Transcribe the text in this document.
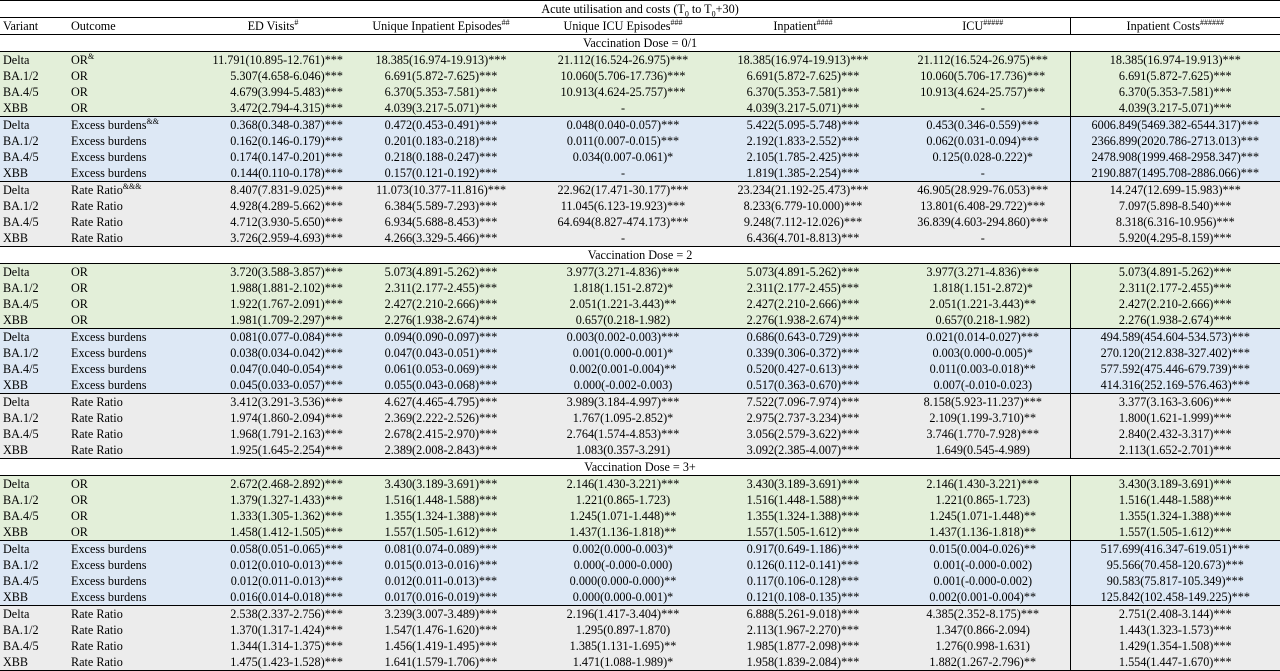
Acute utilisation and costs ($T_0$ to $T_0+30$)							
Variant	Outcome	ED Visits#	Unique Inpatient Episodes##	Unique ICU Episodes###	Inpatient####	ICU#####	Inpatient Costs######
Vaccination Dose = 0/1							
Delta	OR&	11.791(10.895-12.761)***	18.385(16.974-19.913)***	21.112(16.524-26.975)***	18.385(16.974-19.913)***	21.112(16.524-26.975)***	18.385(16.974-19.913)***
BA.1/2	OR	5.307(4.658-6.046)***	6.691(5.872-7.625)***	10.060(5.706-17.736)***	6.691(5.872-7.625)***	10.060(5.706-17.736)***	6.691(5.872-7.625)***
BA.4/5	OR	4.679(3.994-5.483)***	6.370(5.353-7.581)***	10.913(4.624-25.757)***	6.370(5.353-7.581)***	10.913(4.624-25.757)***	6.370(5.353-7.581)***
XBB	OR	3.472(2.794-4.315)***	4.039(3.217-5.071)***	-	4.039(3.217-5.071)***	-	4.039(3.217-5.071)***
Delta	Excess burdens&&	0.368(0.348-0.387)***	0.472(0.453-0.491)***	0.048(0.040-0.057)***	5.422(5.095-5.748)***	0.453(0.346-0.559)***	6006.849(5469.382-6544.317)***
BA.1/2	Excess burdens	0.162(0.146-0.179)***	0.201(0.183-0.218)***	0.011(0.007-0.015)***	2.192(1.833-2.552)***	0.062(0.031-0.094)***	2366.899(2020.786-2713.013)***
BA.4/5	Excess burdens	0.174(0.147-0.201)***	0.218(0.188-0.247)***	0.034(0.007-0.061)*	2.105(1.785-2.425)***	0.125(0.028-0.222)*	2478.908(1999.468-2958.347)***
XBB	Excess burdens	0.144(0.110-0.178)***	0.157(0.121-0.192)***	-	1.819(1.385-2.254)***	-	2190.887(1495.708-2886.066)***
Delta	Rate Ratio&&&	8.407(7.831-9.025)***	11.073(10.377-11.816)***	22.962(17.471-30.177)***	23.234(21.192-25.473)***	46.905(28.929-76.053)***	14.247(12.699-15.983)***
BA.1/2	Rate Ratio	4.928(4.289-5.662)***	6.384(5.589-7.293)***	11.045(6.123-19.923)***	8.233(6.779-10.000)***	13.801(6.408-29.722)***	7.097(5.898-8.540)***
BA.4/5	Rate Ratio	4.712(3.930-5.650)***	6.934(5.688-8.453)***	64.694(8.827-474.173)***	9.248(7.112-12.026)***	36.839(4.603-294.860)***	8.318(6.316-10.956)***
XBB	Rate Ratio	3.726(2.959-4.693)***	4.266(3.329-5.466)***	-	6.436(4.701-8.813)***	-	5.920(4.295-8.159)***
Vaccination Dose = 2							
Delta	OR	3.720(3.588-3.857)***	5.073(4.891-5.262)***	3.977(3.271-4.836)***	5.073(4.891-5.262)***	3.977(3.271-4.836)***	5.073(4.891-5.262)***
BA.1/2	OR	1.988(1.881-2.102)***	2.311(2.177-2.455)***	1.818(1.151-2.872)*	2.311(2.177-2.455)***	1.818(1.151-2.872)*	2.311(2.177-2.455)***
BA.4/5	OR	1.922(1.767-2.091)***	2.427(2.210-2.666)***	2.051(1.221-3.443)**	2.427(2.210-2.666)***	2.051(1.221-3.443)**	2.427(2.210-2.666)***
XBB	OR	1.981(1.709-2.297)***	2.276(1.938-2.674)***	0.657(0.218-1.982)	2.276(1.938-2.674)***	0.657(0.218-1.982)	2.276(1.938-2.674)***
Delta	Excess burdens	0.081(0.077-0.084)***	0.094(0.090-0.097)***	0.003(0.002-0.003)***	0.686(0.643-0.729)***	0.021(0.014-0.027)***	494.589(454.604-534.573)***
BA.1/2	Excess burdens	0.038(0.034-0.042)***	0.047(0.043-0.051)***	0.001(0.000-0.001)*	0.339(0.306-0.372)***	0.003(0.000-0.005)*	270.120(212.838-327.402)***
BA.4/5	Excess burdens	0.047(0.040-0.054)***	0.061(0.053-0.069)***	0.002(0.001-0.004)**	0.520(0.427-0.613)***	0.011(0.003-0.018)**	577.592(475.446-679.739)***
XBB	Excess burdens	0.045(0.033-0.057)***	0.055(0.043-0.068)***	0.000(-0.002-0.003)	0.517(0.363-0.670)***	0.007(-0.010-0.023)	414.316(252.169-576.463)***
Delta	Rate Ratio	3.412(3.291-3.536)***	4.627(4.465-4.795)***	3.989(3.184-4.997)***	7.522(7.096-7.974)***	8.158(5.923-11.237)***	3.377(3.163-3.606)***
BA.1/2	Rate Ratio	1.974(1.860-2.094)***	2.369(2.222-2.526)***	1.767(1.095-2.852)*	2.975(2.737-3.234)***	2.109(1.199-3.710)**	1.800(1.621-1.999)***
BA.4/5	Rate Ratio	1.968(1.791-2.163)***	2.678(2.415-2.970)***	2.764(1.574-4.853)***	3.056(2.579-3.622)***	3.746(1.770-7.928)***	2.840(2.432-3.317)***
XBB	Rate Ratio	1.925(1.645-2.254)***	2.389(2.008-2.843)***	1.083(0.357-3.291)	3.092(2.385-4.007)***	1.649(0.545-4.989)	2.113(1.652-2.701)***
Vaccination Dose = 3+							
Delta	OR	2.672(2.468-2.892)***	3.430(3.189-3.691)***	2.146(1.430-3.221)***	3.430(3.189-3.691)***	2.146(1.430-3.221)***	3.430(3.189-3.691)***
BA.1/2	OR	1.379(1.327-1.433)***	1.516(1.448-1.588)***	1.221(0.865-1.723)	1.516(1.448-1.588)***	1.221(0.865-1.723)	1.516(1.448-1.588)***
BA.4/5	OR	1.333(1.305-1.362)***	1.355(1.324-1.388)***	1.245(1.071-1.448)**	1.355(1.324-1.388)***	1.245(1.071-1.448)**	1.355(1.324-1.388)***
XBB	OR	1.458(1.412-1.505)***	1.557(1.505-1.612)***	1.437(1.136-1.818)**	1.557(1.505-1.612)***	1.437(1.136-1.818)**	1.557(1.505-1.612)***
Delta	Excess burdens	0.058(0.051-0.065)***	0.081(0.074-0.089)***	0.002(0.000-0.003)*	0.917(0.649-1.186)***	0.015(0.004-0.026)**	517.699(416.347-619.051)***
BA.1/2	Excess burdens	0.012(0.010-0.013)***	0.015(0.013-0.016)***	0.000(-0.000-0.000)	0.126(0.112-0.141)***	0.001(-0.000-0.002)	95.566(70.458-120.673)***
BA.4/5	Excess burdens	0.012(0.011-0.013)***	0.012(0.011-0.013)***	0.000(0.000-0.000)**	0.117(0.106-0.128)***	0.001(-0.000-0.002)	90.583(75.817-105.349)***
XBB	Excess burdens	0.016(0.014-0.018)***	0.017(0.016-0.019)***	0.000(0.000-0.001)*	0.121(0.108-0.135)***	0.002(0.001-0.004)**	125.842(102.458-149.225)***
Delta	Rate Ratio	2.538(2.337-2.756)***	3.239(3.007-3.489)***	2.196(1.417-3.404)***	6.888(5.261-9.018)***	4.385(2.352-8.175)***	2.751(2.408-3.144)***
BA.1/2	Rate Ratio	1.370(1.317-1.424)***	1.547(1.476-1.620)***	1.295(0.897-1.870)	2.113(1.967-2.270)***	1.347(0.866-2.094)	1.443(1.323-1.573)***
BA.4/5	Rate Ratio	1.344(1.314-1.375)***	1.456(1.419-1.495)***	1.385(1.131-1.695)**	1.985(1.877-2.098)***	1.276(0.998-1.631)	1.429(1.354-1.508)***
XBB	Rate Ratio	1.475(1.423-1.528)***	1.641(1.579-1.706)***	1.471(1.088-1.989)*	1.958(1.839-2.084)***	1.882(1.267-2.796)**	1.554(1.447-1.670)***
